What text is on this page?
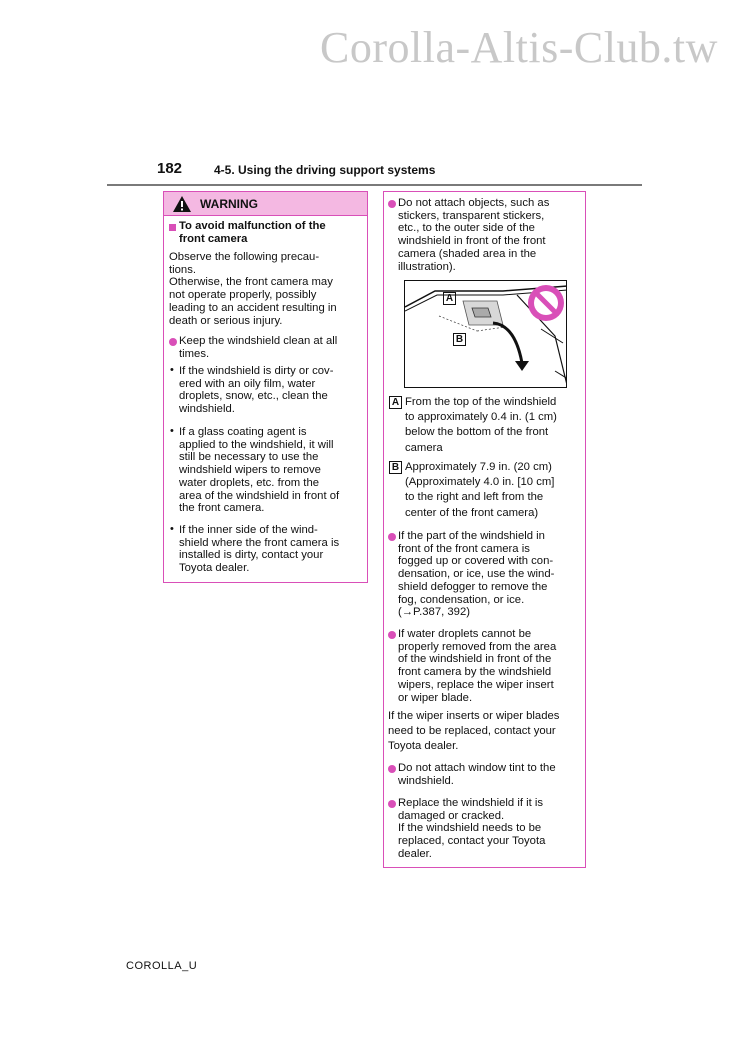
Corolla-Altis-Club.tw
182	4-5. Using the driving support systems
WARNING
To avoid malfunction of the
front camera
Observe the following precau-
tions.
Otherwise, the front camera may
not operate properly, possibly
leading to an accident resulting in
death or serious injury.
Keep the windshield clean at all
times.
• If the windshield is dirty or cov-
ered with an oily film, water
droplets, snow, etc., clean the
windshield.
• If a glass coating agent is
applied to the windshield, it will
still be necessary to use the
windshield wipers to remove
water droplets, etc. from the
area of the windshield in front of
the front camera.
• If the inner side of the wind-
shield where the front camera is
installed is dirty, contact your
Toyota dealer.
Do not attach objects, such as
stickers, transparent stickers,
etc., to the outer side of the
windshield in front of the front
camera (shaded area in the
illustration).
A
B
A From the top of the windshield
to approximately 0.4 in. (1 cm)
below the bottom of the front
camera
B Approximately 7.9 in. (20 cm)
(Approximately 4.0 in. [10 cm]
to the right and left from the
center of the front camera)
If the part of the windshield in
front of the front camera is
fogged up or covered with con-
densation, or ice, use the wind-
shield defogger to remove the
fog, condensation, or ice.
(→P.387, 392)
If water droplets cannot be
properly removed from the area
of the windshield in front of the
front camera by the windshield
wipers, replace the wiper insert
or wiper blade.
If the wiper inserts or wiper blades
need to be replaced, contact your
Toyota dealer.
Do not attach window tint to the
windshield.
Replace the windshield if it is
damaged or cracked.
If the windshield needs to be
replaced, contact your Toyota
dealer.
COROLLA_U
